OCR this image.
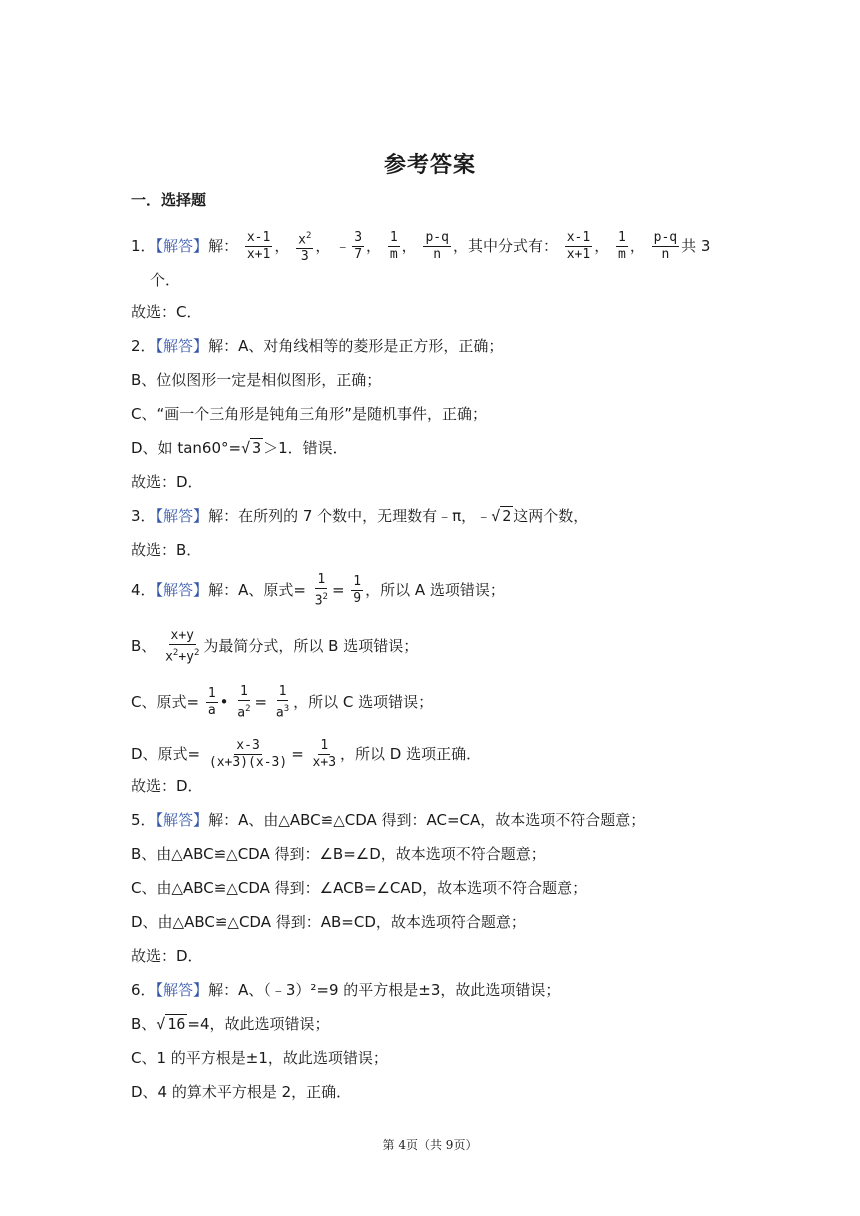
参考答案
一．选择题
1．【解答】解： $\frac{x-1}{x+1}$ ， $\frac{x^2}{3}$ ， ﹣ $\frac{3}{7}$ ， $\frac{1}{m}$ ， $\frac{p-q}{n}$ ，其中分式有： $\frac{x-1}{x+1}$ ， $\frac{1}{m}$ ， $\frac{p-q}{n}$ 共 3
个．
故选：C．
2．【解答】解：A、对角线相等的菱形是正方形，正确；
B、位似图形一定是相似图形，正确；
C、“画一个三角形是钝角三角形”是随机事件，正确；
D、如 tan60°=√ 3 ＞1．错误．
故选：D．
3．【解答】解：在所列的 7 个数中，无理数有﹣π，﹣√ 2 这两个数，
故选：B．
4．【解答】解：A、原式= $\frac{1}{3^2} = \frac{1}{9}$ ，所以 A 选项错误；
B、 $\frac{x+y}{x^2+y^2}$ 为最简分式，所以 B 选项错误；
C、原式= $\frac{1}{a}$ • $\frac{1}{a^2} = \frac{1}{a^3}$ ，所以 C 选项错误；
D、原式= $\frac{x-3}{(x+3)(x-3)} = \frac{1}{x+3}$ ，所以 D 选项正确．
故选：D．
5．【解答】解：A、由△ABC≌△CDA 得到：AC=CA，故本选项不符合题意；
B、由△ABC≌△CDA 得到：∠B=∠D，故本选项不符合题意；
C、由△ABC≌△CDA 得到：∠ACB=∠CAD，故本选项不符合题意；
D、由△ABC≌△CDA 得到：AB=CD，故本选项符合题意；
故选：D．
6．【解答】解：A、（﹣3）²=9 的平方根是±3，故此选项错误；
B、√ 16 =4，故此选项错误；
C、1 的平方根是±1，故此选项错误；
D、4 的算术平方根是 2，正确．
第 4页（共 9页）
